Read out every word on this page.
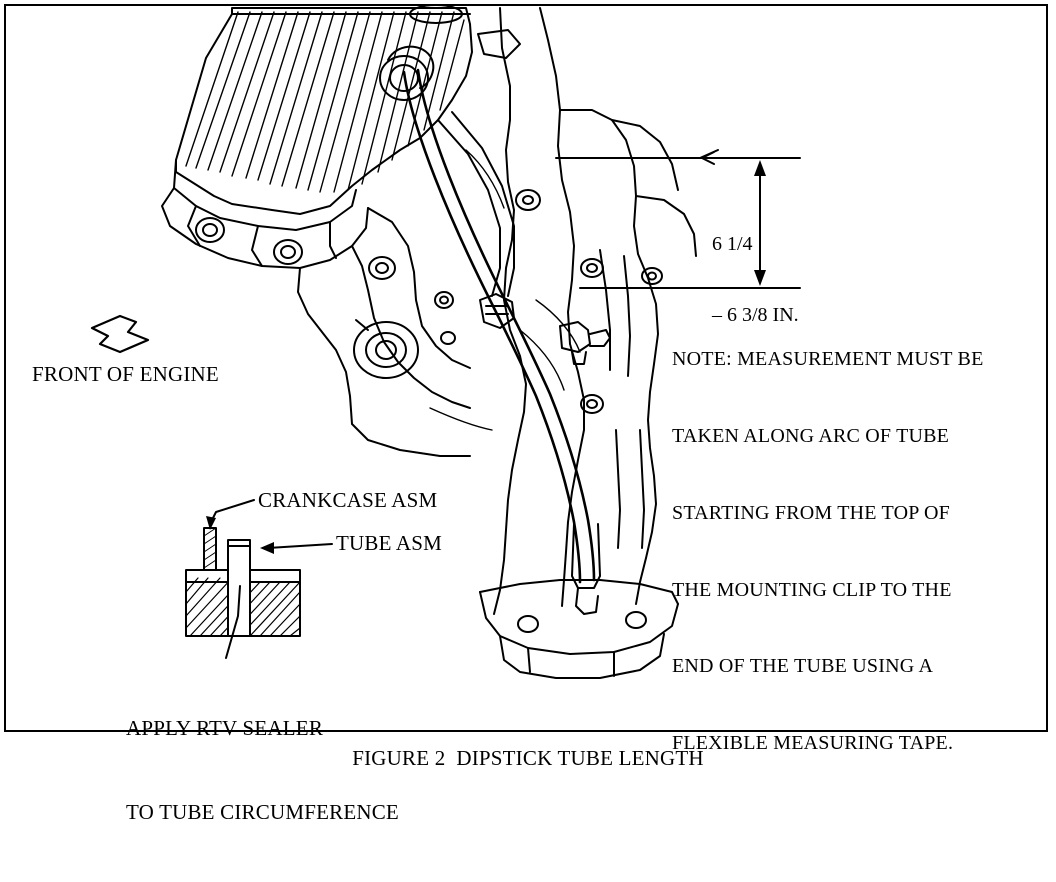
6 1/4

– 6 3/8 IN.

NOTE: MEASUREMENT MUST BE

TAKEN ALONG ARC OF TUBE

STARTING FROM THE TOP OF

THE MOUNTING CLIP TO THE

END OF THE TUBE USING A

FLEXIBLE MEASURING TAPE.

FRONT OF ENGINE
CRANKCASE ASM
TUBE ASM

APPLY RTV SEALER

TO TUBE CIRCUMFERENCE

FIGURE 2  DIPSTICK TUBE LENGTH
